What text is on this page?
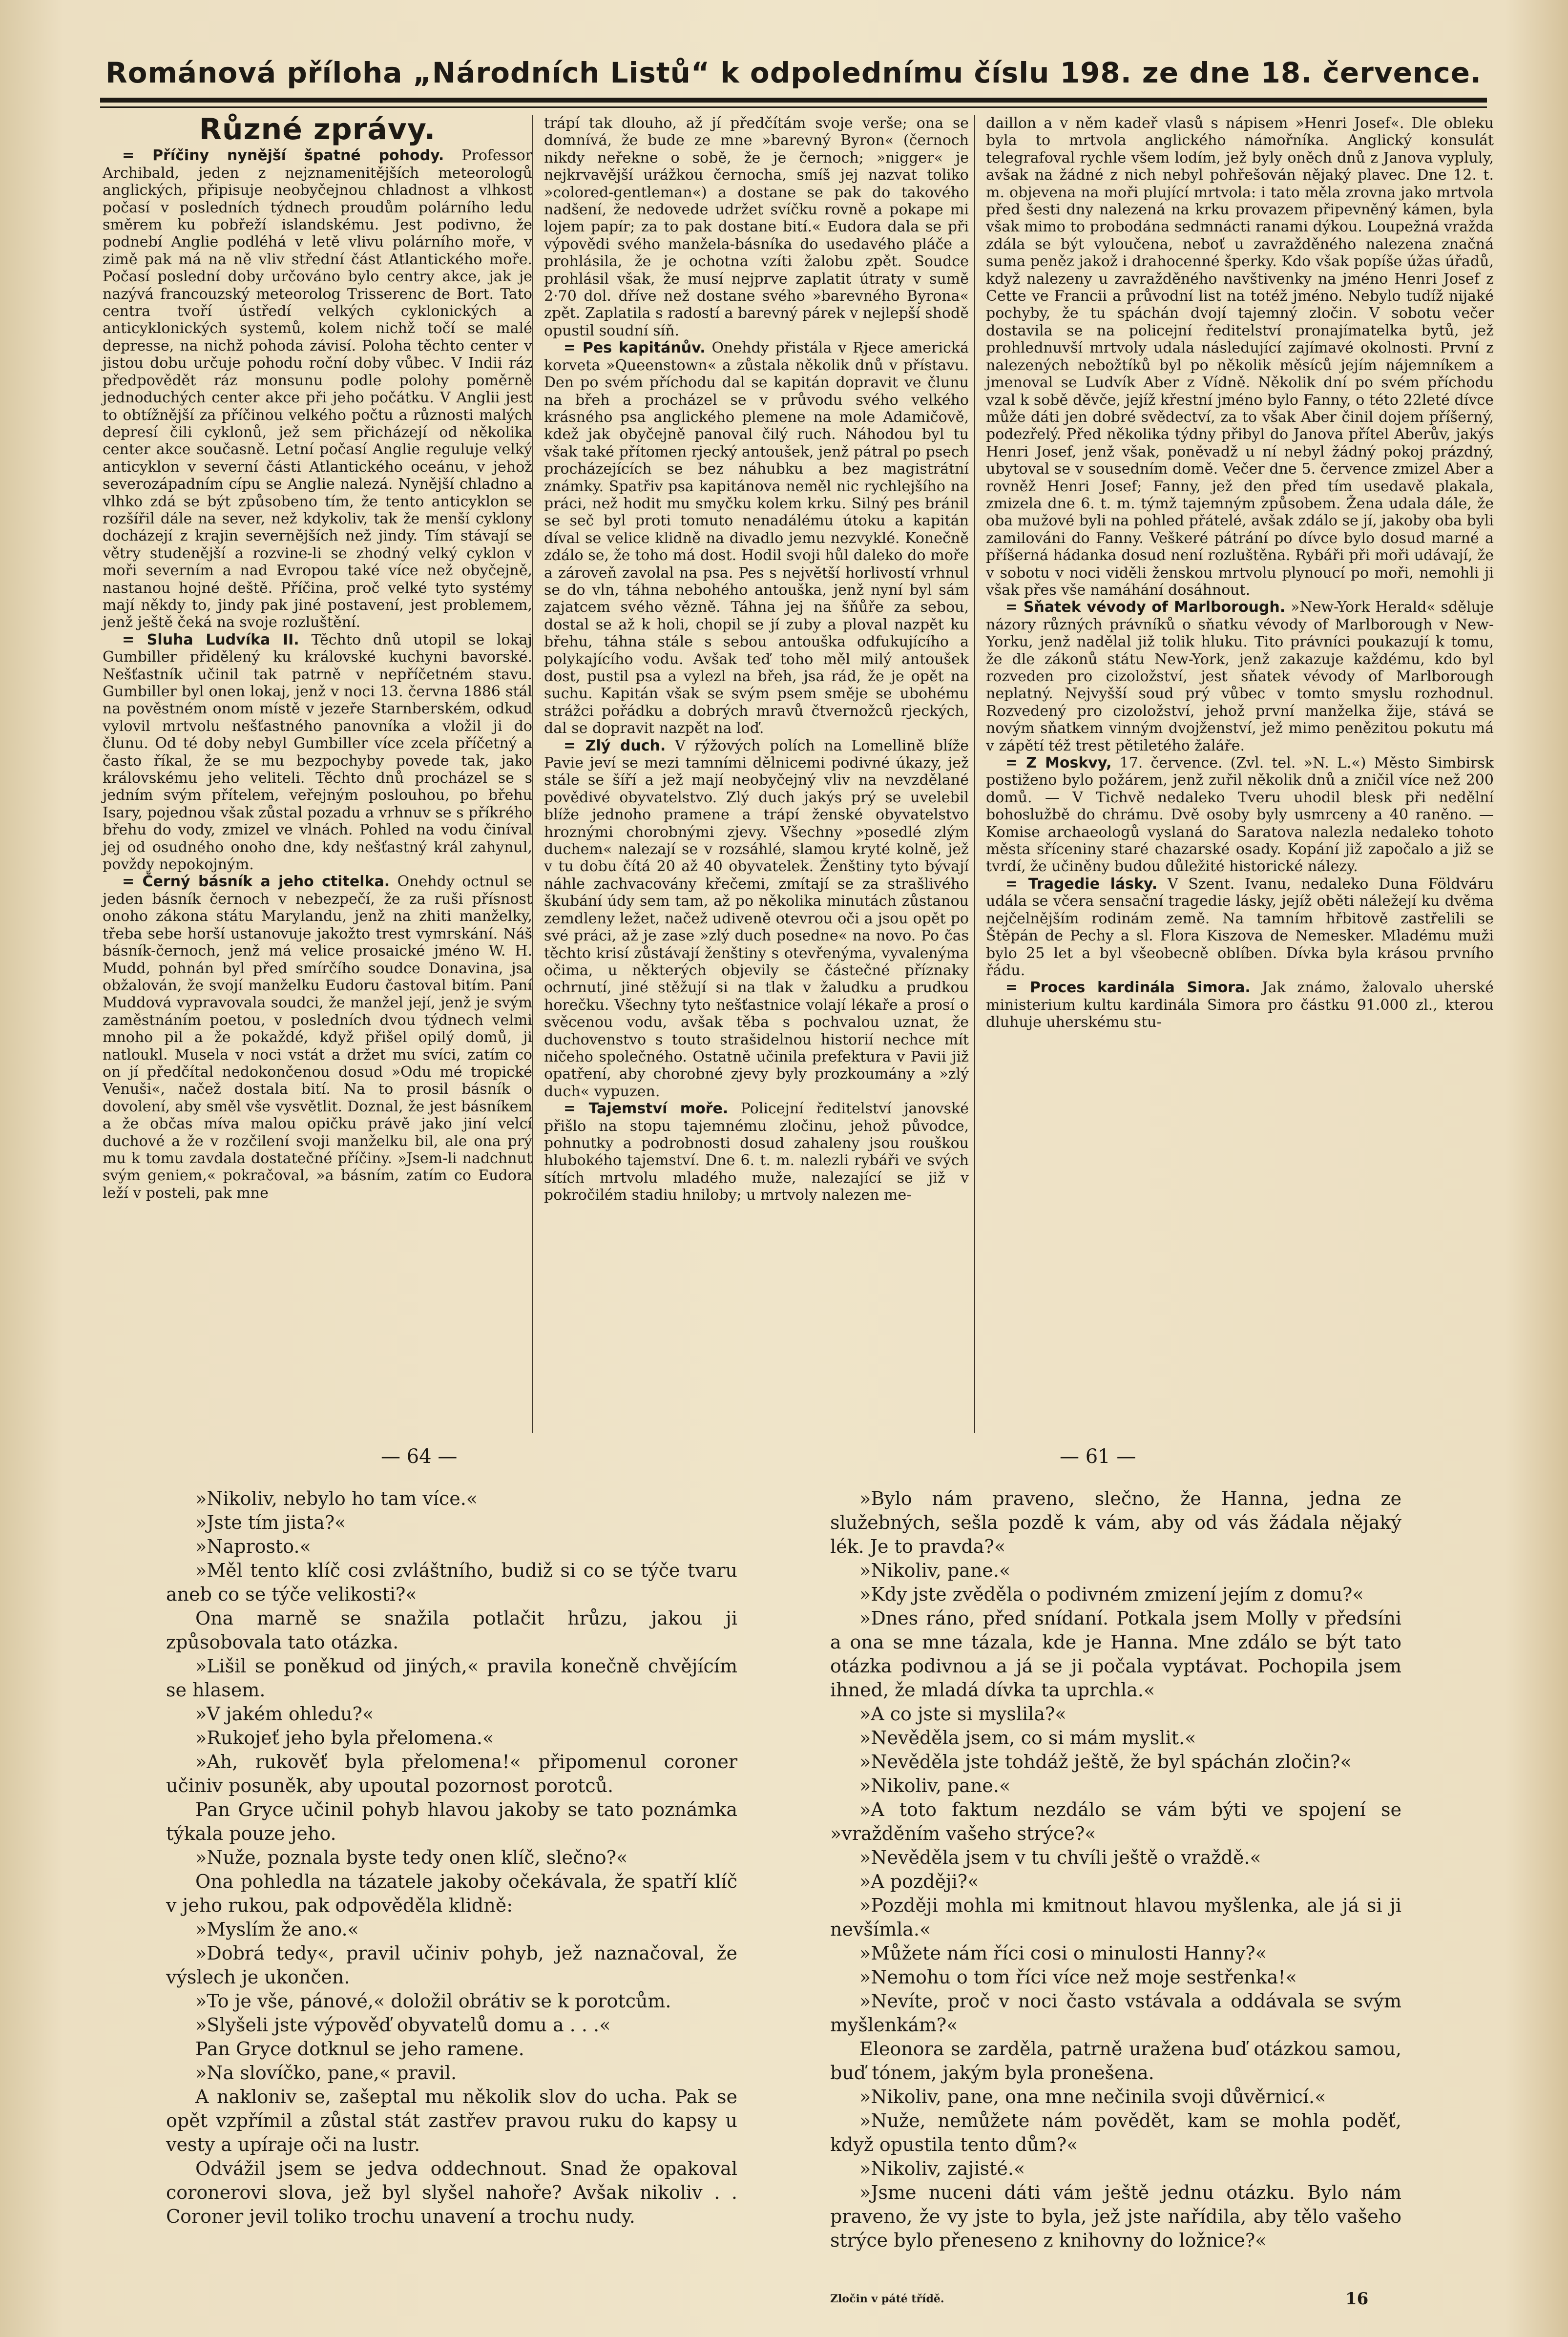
Románová příloha „Národních Listů“ k odpolednímu číslu 198. ze dne 18. července.
Různé zprávy.

= Příčiny nynější špatné pohody. Professor Archibald, jeden z nejznamenitějších meteorologů anglických, připisuje neobyčejnou chladnost a vlhkost počasí v posledních týdnech proudům polárního ledu směrem ku pobřeží islandskému. Jest podivno, že podnebí Anglie podléhá v letě vlivu polárního moře, v zimě pak má na ně vliv střední část Atlantického moře. Počasí poslední doby určováno bylo centry akce, jak je nazývá francouzský meteorolog Trisserenc de Bort. Tato centra tvoří ústředí velkých cyklonických a anticyklonických systemů, kolem nichž točí se malé depresse, na nichž pohoda závisí. Poloha těchto center v jistou dobu určuje pohodu roční doby vůbec. V Indii ráz předpovědět ráz monsunu podle polohy poměrně jednoduchých center akce při jeho počátku. V Anglii jest to obtížnější za příčinou velkého počtu a různosti malých depresí čili cyklonů, jež sem přicházejí od několika center akce současně. Letní počasí Anglie reguluje velký anticyklon v severní části Atlantického oceánu, v jehož severozápadním cípu se Anglie nalezá. Nynější chladno a vlhko zdá se být způsobeno tím, že tento anticyklon se rozšířil dále na sever, než kdykoliv, tak že menší cyklony docházejí z krajin severnějších než jindy. Tím stávají se větry studenější a rozvine-li se zhodný velký cyklon v moři severním a nad Evropou také více než obyčejně, nastanou hojné deště. Příčina, proč velké tyto systémy mají někdy to, jindy pak jiné postavení, jest problemem, jenž ještě čeká na svoje rozluštění.

= Sluha Ludvíka II. Těchto dnů utopil se lokaj Gumbiller přidělený ku královské kuchyni bavorské. Nešťastník učinil tak patrně v nepříčetném stavu. Gumbiller byl onen lokaj, jenž v noci 13. června 1886 stál na pověstném onom místě v jezeře Starnberském, odkud vylovil mrtvolu nešťastného panovníka a vložil ji do člunu. Od té doby nebyl Gumbiller více zcela příčetný a často říkal, že se mu bezpochyby povede tak, jako královskému jeho veliteli. Těchto dnů procházel se s jedním svým přítelem, veřejným poslouhou, po břehu Isary, pojednou však zůstal pozadu a vrhnuv se s příkrého břehu do vody, zmizel ve vlnách. Pohled na vodu činíval jej od osudného onoho dne, kdy nešťastný král zahynul, povždy nepokojným.

= Černý básník a jeho ctitelka. Onehdy octnul se jeden básník černoch v nebezpečí, že za ruši přísnost onoho zákona státu Marylandu, jenž na zhiti manželky, třeba sebe horší ustanovuje jakožto trest vymrskání. Náš básník-černoch, jenž má velice prosaické jméno W. H. Mudd, pohnán byl před smírčího soudce Donavina, jsa obžalován, že svojí manželku Eudoru častoval bitím. Paní Muddová vypravovala soudci, že manžel její, jenž je svým zaměstnáním poetou, v posledních dvou týdnech velmi mnoho pil a že pokaždé, když přišel opilý domů, ji natloukl. Musela v noci vstát a držet mu svíci, zatím co on jí předčítal nedokončenou dosud »Odu mé tropické Venuši«, načež dostala bití. Na to prosil básník o dovolení, aby směl vše vysvětlit. Doznal, že jest básníkem a že občas míva malou opičku právě jako jiní velcí duchové a že v rozčilení svoji manželku bil, ale ona prý mu k tomu zavdala dostatečné příčiny. »Jsem-li nadchnut svým geniem,« pokračoval, »a básním, zatím co Eudora leží v posteli, pak mne

trápí tak dlouho, až jí předčítám svoje verše; ona se domnívá, že bude ze mne »barevný Byron« (černoch nikdy neřekne o sobě, že je černoch; »nigger« je nejkrvavější urážkou černocha, smíš jej nazvat toliko »colored-gentleman«) a dostane se pak do takového nadšení, že nedovede udržet svíčku rovně a pokape mi lojem papír; za to pak dostane bití.« Eudora dala se při výpovědi svého manžela-básníka do usedavého pláče a prohlásila, že je ochotna vzíti žalobu zpět. Soudce prohlásil však, že musí nejprve zaplatit útraty v sumě 2·70 dol. dříve než dostane svého »barevného Byrona« zpět. Zaplatila s radostí a barevný párek v nejlepší shodě opustil soudní síň.

= Pes kapitánův. Onehdy přistála v Rjece americká korveta »Queenstown« a zůstala několik dnů v přístavu. Den po svém příchodu dal se kapitán dopravit ve člunu na břeh a procházel se v průvodu svého velkého krásného psa anglického plemene na mole Adamičově, kdež jak obyčejně panoval čilý ruch. Náhodou byl tu však také přítomen rjecký antoušek, jenž pátral po psech procházejících se bez náhubku a bez magistrátní známky. Spatřiv psa kapitánova neměl nic rychlejšího na práci, než hodit mu smyčku kolem krku. Silný pes bránil se seč byl proti tomuto nenadálému útoku a kapitán díval se velice klidně na divadlo jemu nezvyklé. Konečně zdálo se, že toho má dost. Hodil svoji hůl daleko do moře a zároveň zavolal na psa. Pes s největší horlivostí vrhnul se do vln, táhna nebohého antouška, jenž nyní byl sám zajatcem svého vězně. Táhna jej na šňůře za sebou, dostal se až k holi, chopil se jí zuby a ploval nazpět ku břehu, táhna stále s sebou antouška odfukujícího a polykajícího vodu. Avšak teď toho měl milý antoušek dost, pustil psa a vylezl na břeh, jsa rád, že je opět na suchu. Kapitán však se svým psem směje se ubohému strážci pořádku a dobrých mravů čtvernožců rjeckých, dal se dopravit nazpět na loď.

= Zlý duch. V rýžových polích na Lomellině blíže Pavie jeví se mezi tamními dělnicemi podivné úkazy, jež stále se šíří a jež mají neobyčejný vliv na nevzdělané povědivé obyvatelstvo. Zlý duch jakýs prý se uvelebil blíže jednoho pramene a trápí ženské obyvatelstvo hroznými chorobnými zjevy. Všechny »posedlé zlým duchem« nalezají se v rozsáhlé, slamou kryté kolně, jež v tu dobu čítá 20 až 40 obyvatelek. Ženštiny tyto bývají náhle zachvacovány křečemi, zmítají se za strašlivého škubání údy sem tam, až po několika minutách zůstanou zemdleny ležet, načež udiveně otevrou oči a jsou opět po své práci, až je zase »zlý duch posedne« na novo. Po čas těchto krisí zůstávají ženštiny s otevřenýma, vyvalenýma očima, u některých objevily se částečné příznaky ochrnutí, jiné stěžují si na tlak v žaludku a prudkou horečku. Všechny tyto nešťastnice volají lékaře a prosí o svěcenou vodu, avšak těba s pochvalou uznat, že duchovenstvo s touto strašidelnou historií nechce mít ničeho společného. Ostatně učinila prefektura v Pavii již opatření, aby chorobné zjevy byly prozkoumány a »zlý duch« vypuzen.

= Tajemství moře. Policejní ředitelství janovské přišlo na stopu tajemnému zločinu, jehož původce, pohnutky a podrobnosti dosud zahaleny jsou rouškou hlubokého tajemství. Dne 6. t. m. nalezli rybáři ve svých sítích mrtvolu mladého muže, nalezající se již v pokročilém stadiu hniloby; u mrtvoly nalezen me-

daillon a v něm kadeř vlasů s nápisem »Henri Josef«. Dle obleku byla to mrtvola anglického námořníka. Anglický konsulát telegrafoval rychle všem lodím, jež byly oněch dnů z Janova vypluly, avšak na žádné z nich nebyl pohřešován nějaký plavec. Dne 12. t. m. objevena na moři plující mrtvola: i tato měla zrovna jako mrtvola před šesti dny nalezená na krku provazem připevněný kámen, byla však mimo to probodána sedmnácti ranami dýkou. Loupežná vražda zdála se být vyloučena, neboť u zavražděného nalezena značná suma peněz jakož i drahocenné šperky. Kdo však popíše úžas úřadů, když nalezeny u zavražděného navštivenky na jméno Henri Josef z Cette ve Francii a průvodní list na totéž jméno. Nebylo tudíž nijaké pochyby, že tu spáchán dvojí tajemný zločin. V sobotu večer dostavila se na policejní ředitelství pronajímatelka bytů, jež prohlednuvší mrtvoly udala následující zajímavé okolnosti. První z nalezených nebožtíků byl po několik měsíců jejím nájemníkem a jmenoval se Ludvík Aber z Vídně. Několik dní po svém příchodu vzal k sobě děvče, jejíž křestní jméno bylo Fanny, o této 22leté dívce může dáti jen dobré svědectví, za to však Aber činil dojem příšerný, podezřelý. Před několika týdny přibyl do Janova přítel Aberův, jakýs Henri Josef, jenž však, poněvadž u ní nebyl žádný pokoj prázdný, ubytoval se v sousedním domě. Večer dne 5. července zmizel Aber a rovněž Henri Josef; Fanny, jež den před tím usedavě plakala, zmizela dne 6. t. m. týmž tajemným způsobem. Žena udala dále, že oba mužové byli na pohled přátelé, avšak zdálo se jí, jakoby oba byli zamilováni do Fanny. Veškeré pátrání po dívce bylo dosud marné a příšerná hádanka dosud není rozluštěna. Rybáři při moři udávají, že v sobotu v noci viděli ženskou mrtvolu plynoucí po moři, nemohli ji však přes vše namáhání dosáhnout.

= Sňatek vévody of Marlborough. »New-York Herald« sděluje názory různých právníků o sňatku vévody of Marlborough v New-Yorku, jenž nadělal již tolik hluku. Tito právníci poukazují k tomu, že dle zákonů státu New-York, jenž zakazuje každému, kdo byl rozveden pro cizoložství, jest sňatek vévody of Marlborough neplatný. Nejvyšší soud prý vůbec v tomto smyslu rozhodnul. Rozvedený pro cizoložství, jehož první manželka žije, stává se novým sňatkem vinným dvojženství, jež mimo penězitou pokutu má v zápětí též trest pětiletého žaláře.

= Z Moskvy, 17. července. (Zvl. tel. »N. L.«) Město Simbirsk postiženo bylo požárem, jenž zuřil několik dnů a zničil více než 200 domů. — V Tichvě nedaleko Tveru uhodil blesk při nedělní bohoslužbě do chrámu. Dvě osoby byly usmrceny a 40 raněno. — Komise archaeologů vyslaná do Saratova nalezla nedaleko tohoto města sříceniny staré chazarské osady. Kopání již započalo a již se tvrdí, že učiněny budou důležité historické nálezy.

= Tragedie lásky. V Szent. Ivanu, nedaleko Duna Földváru udála se včera sensační tragedie lásky, jejíž oběti náležejí ku dvěma nejčelnějším rodinám země. Na tamním hřbitově zastřelili se Štěpán de Pechy a sl. Flora Kiszova de Nemesker. Mladému muži bylo 25 let a byl všeobecně oblíben. Dívka byla krásou prvního řádu.

= Proces kardinála Simora. Jak známo, žalovalo uherské ministerium kultu kardinála Simora pro částku 91.000 zl., kterou dluhuje uherskému stu-

— 64 —	— 61 —

»Nikoliv, nebylo ho tam více.«

»Jste tím jista?«

»Naprosto.«

»Měl tento klíč cosi zvláštního, budiž si co se týče tvaru aneb co se týče velikosti?«

Ona marně se snažila potlačit hrůzu, jakou ji způsobovala tato otázka.

»Lišil se poněkud od jiných,« pravila konečně chvějícím se hlasem.

»V jakém ohledu?«

»Rukojeť jeho byla přelomena.«

»Ah, rukověť byla přelomena!« připomenul coroner učiniv posuněk, aby upoutal pozornost porotců.

Pan Gryce učinil pohyb hlavou jakoby se tato poznámka týkala pouze jeho.

»Nuže, poznala byste tedy onen klíč, slečno?«

Ona pohledla na tázatele jakoby očekávala, že spatří klíč v jeho rukou, pak odpověděla klidně:

»Myslím že ano.«

»Dobrá tedy«, pravil učiniv pohyb, jež naznačoval, že výslech je ukončen.

»To je vše, pánové,« doložil obrátiv se k porotcům.

»Slyšeli jste výpověď obyvatelů domu a . . .«

Pan Gryce dotknul se jeho ramene.

»Na slovíčko, pane,« pravil.

A nakloniv se, zašeptal mu několik slov do ucha. Pak se opět vzpřímil a zůstal stát zastřev pravou ruku do kapsy u vesty a upíraje oči na lustr.

Odvážil jsem se jedva oddechnout. Snad že opakoval coronerovi slova, jež byl slyšel nahoře? Avšak nikoliv . . Coroner jevil toliko trochu unavení a trochu nudy.

»Bylo nám praveno, slečno, že Hanna, jedna ze služebných, sešla pozdě k vám, aby od vás žádala nějaký lék. Je to pravda?«

»Nikoliv, pane.«

»Kdy jste zvěděla o podivném zmizení jejím z domu?«

»Dnes ráno, před snídaní. Potkala jsem Molly v předsíni a ona se mne tázala, kde je Hanna. Mne zdálo se být tato otázka podivnou a já se ji počala vyptávat. Pochopila jsem ihned, že mladá dívka ta uprchla.«

»A co jste si myslila?«

»Nevěděla jsem, co si mám myslit.«

»Nevěděla jste tohdáž ještě, že byl spáchán zločin?«

»Nikoliv, pane.«

»A toto faktum nezdálo se vám býti ve spojení se »vražděním vašeho strýce?«

»Nevěděla jsem v tu chvíli ještě o vraždě.«

»A později?«

»Později mohla mi kmitnout hlavou myšlenka, ale já si ji nevšímla.«

»Můžete nám říci cosi o minulosti Hanny?«

»Nemohu o tom říci více než moje sestřenka!«

»Nevíte, proč v noci často vstávala a oddávala se svým myšlenkám?«

Eleonora se zarděla, patrně uražena buď otázkou samou, buď tónem, jakým byla pronešena.

»Nikoliv, pane, ona mne nečinila svoji důvěrnicí.«

»Nuže, nemůžete nám povědět, kam se mohla poděť, když opustila tento dům?«

»Nikoliv, zajisté.«

»Jsme nuceni dáti vám ještě jednu otázku. Bylo nám praveno, že vy jste to byla, jež jste nařídila, aby tělo vašeho strýce bylo přeneseno z knihovny do ložnice?«

Zločin v páté třídě.	16
